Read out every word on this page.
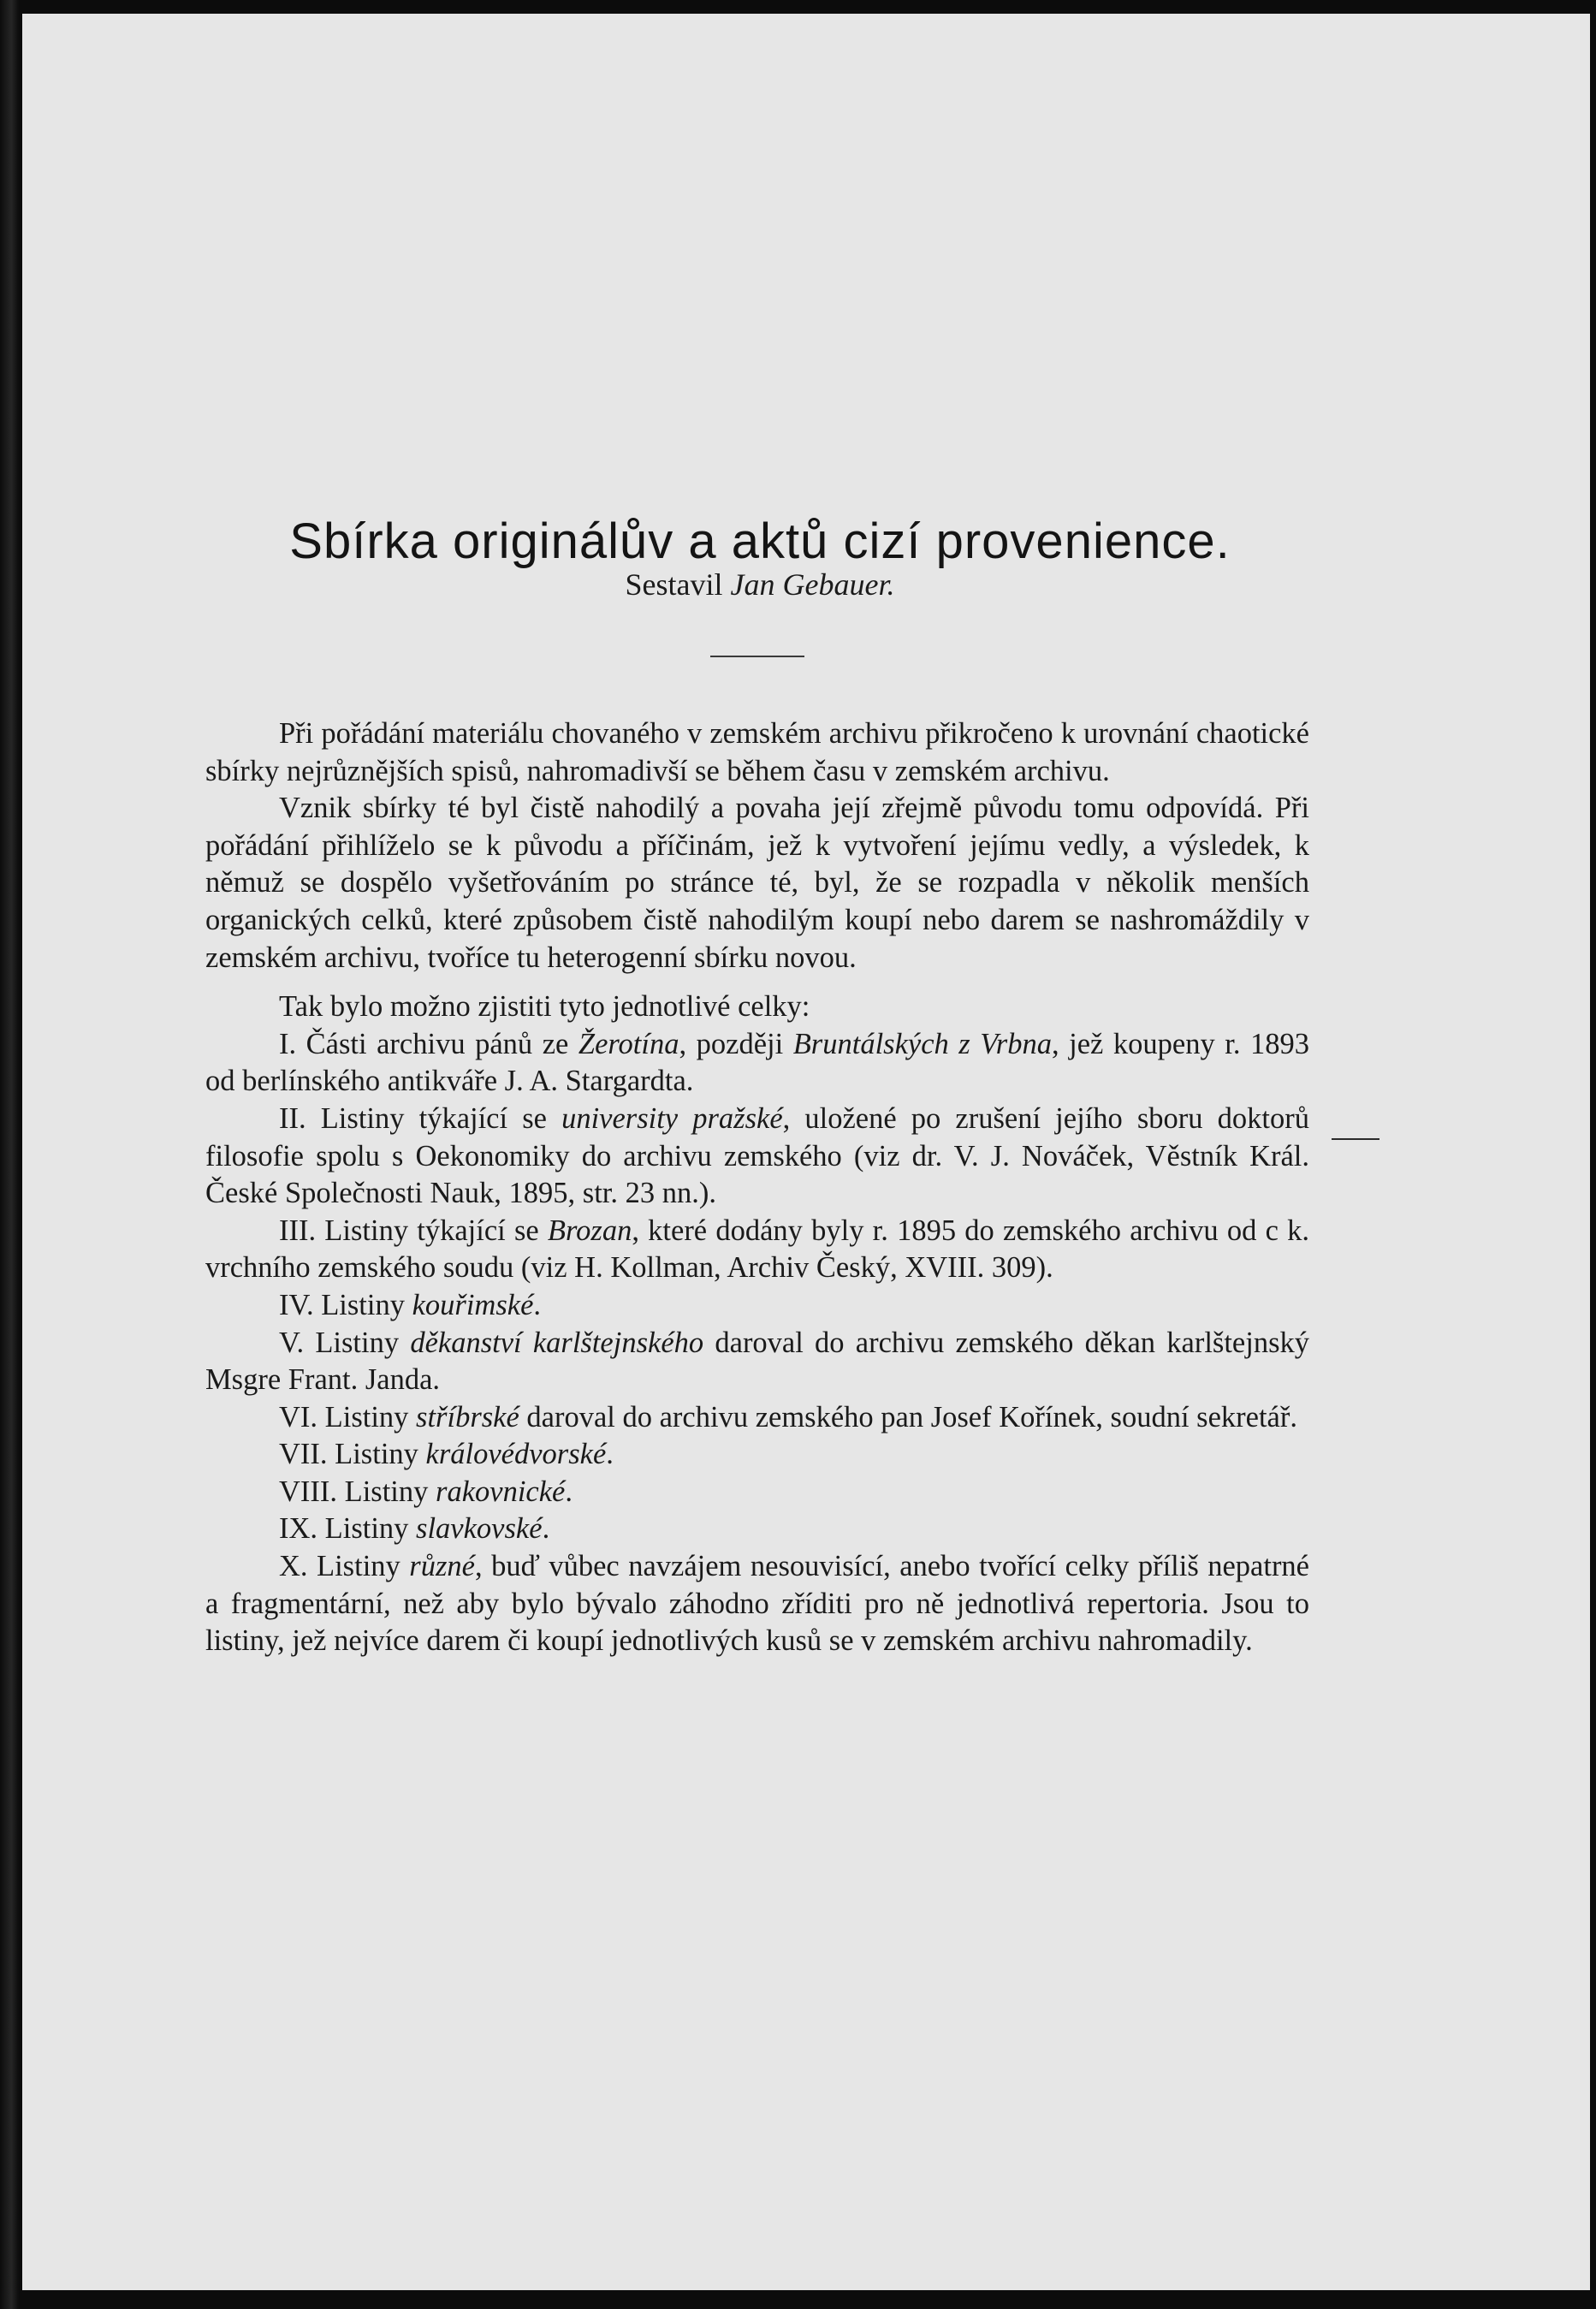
Sbírka originálův a aktů cizí provenience.
Sestavil Jan Gebauer.

Při pořádání materiálu chovaného v zemském archivu přikročeno k urovnání chaotické sbírky nejrůznějších spisů, nahromadivší se během času v zemském archivu.

Vznik sbírky té byl čistě nahodilý a povaha její zřejmě původu tomu odpovídá. Při pořádání přihlíželo se k původu a příčinám, jež k vytvoření jejímu vedly, a výsledek, k němuž se dospělo vyšetřováním po stránce té, byl, že se rozpadla v několik menších organických celků, které způsobem čistě nahodilým koupí nebo darem se nashromáždily v zemském archivu, tvoříce tu heterogenní sbírku novou.

Tak bylo možno zjistiti tyto jednotlivé celky:

I. Části archivu pánů ze Žerotína, později Bruntálských z Vrbna, jež koupeny r. 1893 od berlínského antikváře J. A. Stargardta.

II. Listiny týkající se university pražské, uložené po zrušení jejího sboru doktorů filosofie spolu s Oekonomiky do archivu zemského (viz dr. V. J. Nováček, Věstník Král. České Společnosti Nauk, 1895, str. 23 nn.).

III. Listiny týkající se Brozan, které dodány byly r. 1895 do zemského archivu od c k. vrchního zemského soudu (viz H. Kollman, Archiv Český, XVIII. 309).

IV. Listiny kouřimské.

V. Listiny děkanství karlštejnského daroval do archivu zemského děkan karlštejnský Msgre Frant. Janda.

VI. Listiny stříbrské daroval do archivu zemského pan Josef Kořínek, soudní sekretář.

VII. Listiny královédvorské.

VIII. Listiny rakovnické.

IX. Listiny slavkovské.

X. Listiny různé, buď vůbec navzájem nesouvisící, anebo tvořící celky příliš nepatrné a fragmentární, než aby bylo bývalo záhodno zříditi pro ně jednotlivá repertoria. Jsou to listiny, jež nejvíce darem či koupí jednotlivých kusů se v zemském archivu nahromadily.
